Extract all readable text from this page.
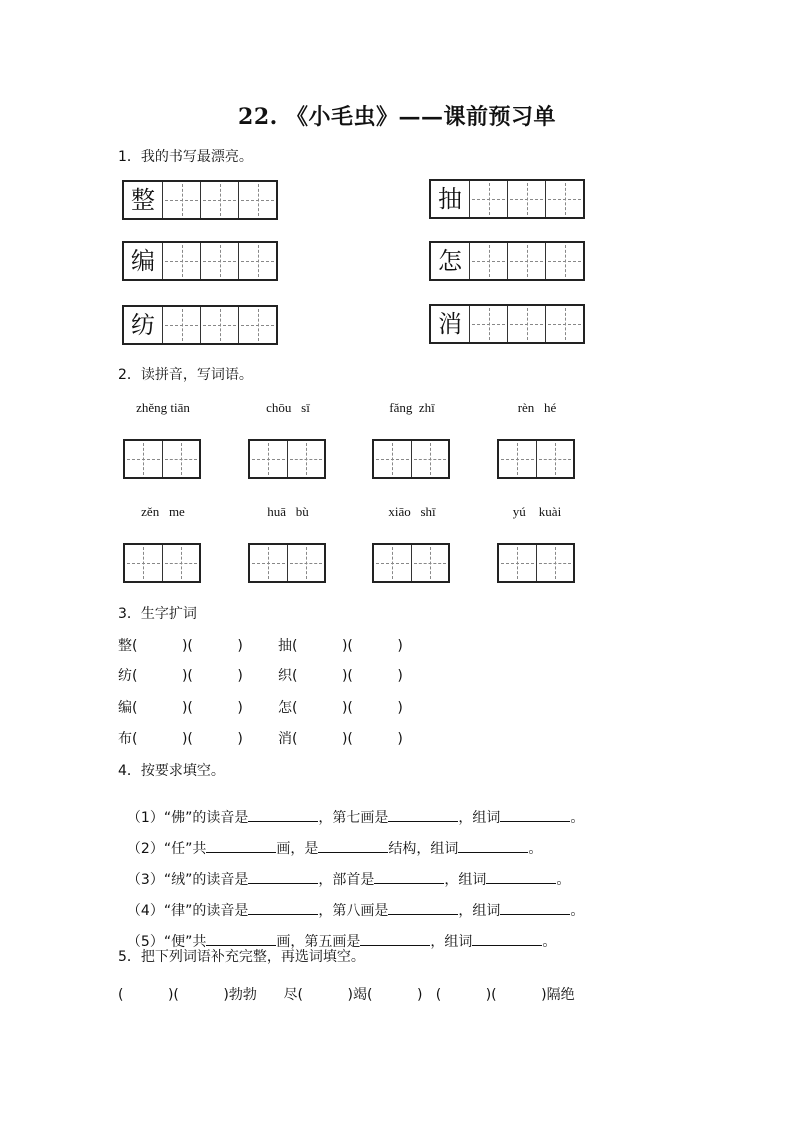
22. 《小毛虫》——课前预习单
1．我的书写最漂亮。
整	抽
编	怎
纺	消
2．读拼音，写词语。
zhěng tiān	chōu   sī	fǎng  zhī	rèn   hé
zěn   me	huā   bù	xiāo   shī	yú    kuài
3．生字扩词
整(          )(          )	抽(          )(          )
纺(          )(          )	织(          )(          )
编(          )(          )	怎(          )(          )
布(          )(          )	消(          )(          )
4．按要求填空。

（1）“佛”的读音是	，第七画是	，组词	。

（2）“任”共	画，是	结构，组词	。

（3）“绒”的读音是	，部首是	，组词	。

（4）“律”的读音是	，第八画是	，组词	。

（5）“便”共	画，第五画是	，组词	。

5．把下列词语补充完整，再选词填空。
(          )(          )勃勃      尽(          )竭(          )   (          )(          )隔绝
